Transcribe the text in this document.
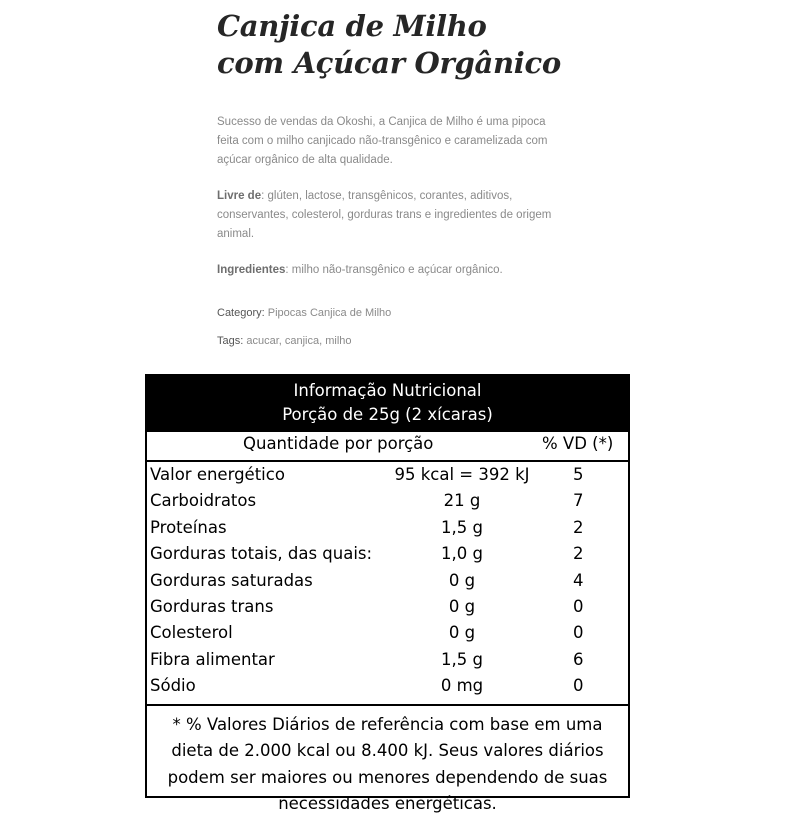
Canjica de Milho com Açúcar Orgânico

Sucesso de vendas da Okoshi, a Canjica de Milho é uma pipoca feita com o milho canjicado não-transgênico e caramelizada com açúcar orgânico de alta qualidade.

Livre de: glúten, lactose, transgênicos, corantes, aditivos, conservantes, colesterol, gorduras trans e ingredientes de origem animal.

Ingredientes: milho não-transgênico e açúcar orgânico.

Category: Pipocas Canjica de Milho
Tags: acucar, canjica, milho
Informação Nutricional
Porção de 25g (2 xícaras)
Quantidade por porção	% VD (*)
Valor energético	95 kcal = 392 kJ	5
Carboidratos	21 g	7
Proteínas	1,5 g	2
Gorduras totais, das quais:	1,0 g	2
Gorduras saturadas	0 g	4
Gorduras trans	0 g	0
Colesterol	0 g	0
Fibra alimentar	1,5 g	6
Sódio	0 mg	0
* % Valores Diários de referência com base em uma dieta de 2.000 kcal ou 8.400 kJ. Seus valores diários podem ser maiores ou menores dependendo de suas necessidades energéticas.
